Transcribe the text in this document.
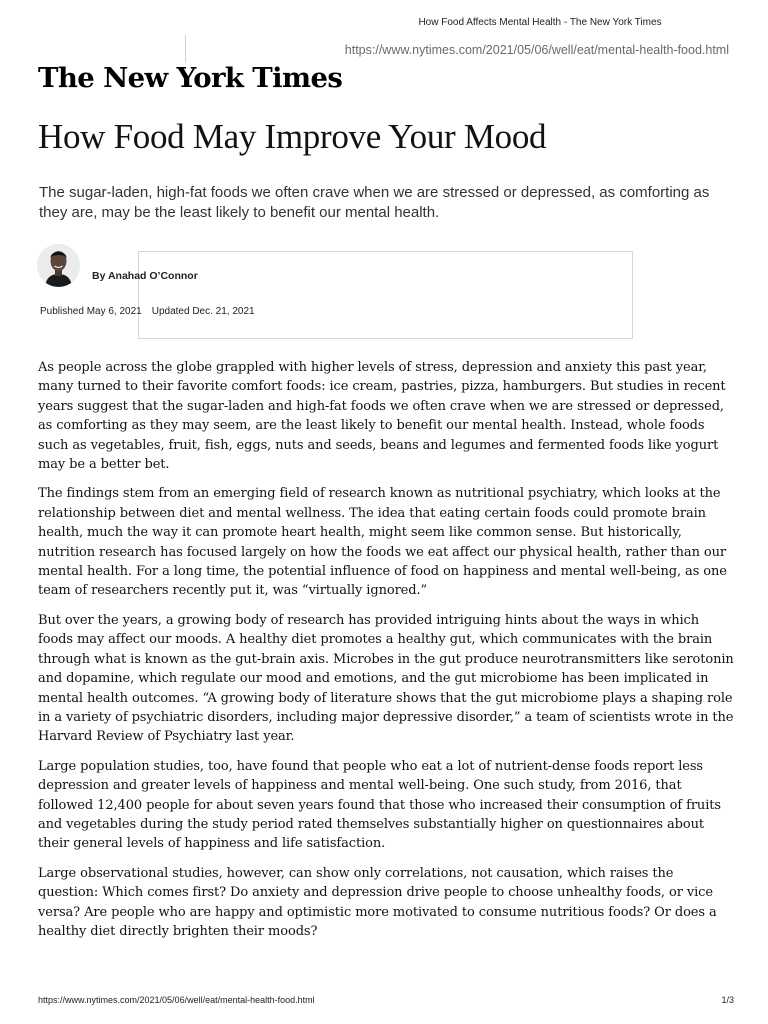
How Food Affects Mental Health - The New York Times
https://www.nytimes.com/2021/05/06/well/eat/mental-health-food.html
The New York Times
How Food May Improve Your Mood
The sugar-laden, high-fat foods we often crave when we are stressed or depressed, as comforting as they are, may be the least likely to benefit our mental health.
By Anahad O’Connor
Published May 6, 2021 Updated Dec. 21, 2021

As people across the globe grappled with higher levels of stress, depression and anxiety this past year, many turned to their favorite comfort foods: ice cream, pastries, pizza, hamburgers. But studies in recent years suggest that the sugar-laden and high-fat foods we often crave when we are stressed or depressed, as comforting as they may seem, are the least likely to benefit our mental health. Instead, whole foods such as vegetables, fruit, fish, eggs, nuts and seeds, beans and legumes and fermented foods like yogurt may be a better bet.

The findings stem from an emerging field of research known as nutritional psychiatry, which looks at the relationship between diet and mental wellness. The idea that eating certain foods could promote brain health, much the way it can promote heart health, might seem like common sense. But historically, nutrition research has focused largely on how the foods we eat affect our physical health, rather than our mental health. For a long time, the potential influence of food on happiness and mental well-being, as one team of researchers recently put it, was “virtually ignored.”

But over the years, a growing body of research has provided intriguing hints about the ways in which foods may affect our moods. A healthy diet promotes a healthy gut, which communicates with the brain through what is known as the gut-brain axis. Microbes in the gut produce neurotransmitters like serotonin and dopamine, which regulate our mood and emotions, and the gut microbiome has been implicated in mental health outcomes. “A growing body of literature shows that the gut microbiome plays a shaping role in a variety of psychiatric disorders, including major depressive disorder,” a team of scientists wrote in the Harvard Review of Psychiatry last year.

Large population studies, too, have found that people who eat a lot of nutrient-dense foods report less depression and greater levels of happiness and mental well-being. One such study, from 2016, that followed 12,400 people for about seven years found that those who increased their consumption of fruits and vegetables during the study period rated themselves substantially higher on questionnaires about their general levels of happiness and life satisfaction.

Large observational studies, however, can show only correlations, not causation, which raises the question: Which comes first? Do anxiety and depression drive people to choose unhealthy foods, or vice versa? Are people who are happy and optimistic more motivated to consume nutritious foods? Or does a healthy diet directly brighten their moods?

https://www.nytimes.com/2021/05/06/well/eat/mental-health-food.html	1/3
